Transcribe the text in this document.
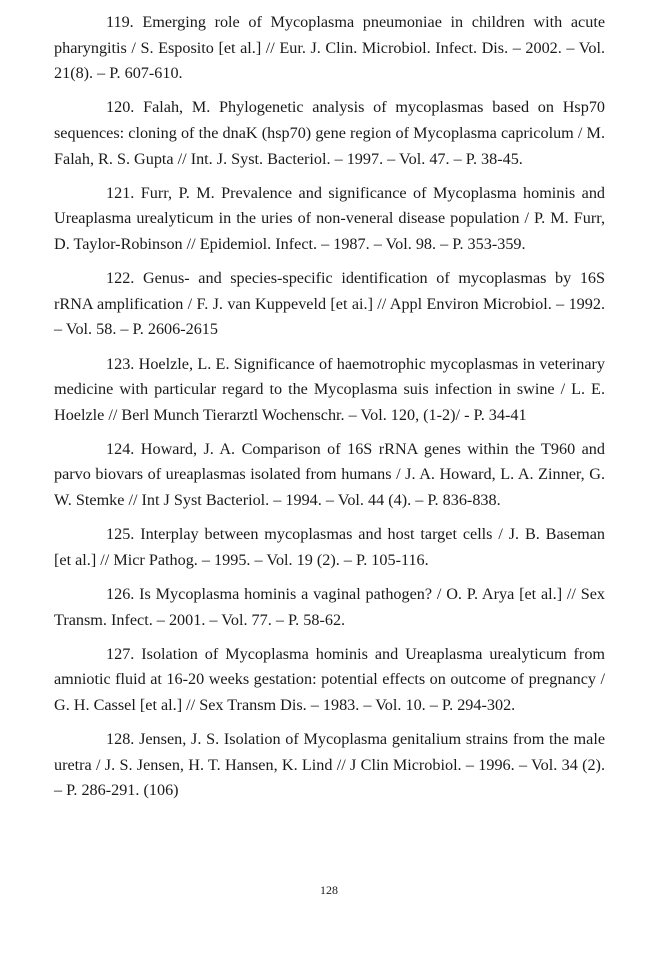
119. Emerging role of Mycoplasma pneumoniae in children with acute pharyngitis / S. Esposito [et al.] // Eur. J. Clin. Microbiol. Infect. Dis. – 2002. – Vol. 21(8). – P. 607-610.

120. Falah, M. Phylogenetic analysis of mycoplasmas based on Hsp70 sequences: cloning of the dnaK (hsp70) gene region of Mycoplasma capricolum / M. Falah, R. S. Gupta // Int. J. Syst. Bacteriol. – 1997. – Vol. 47. – P. 38-45.

121. Furr, P. M. Prevalence and significance of Mycoplasma hominis and Ureaplasma urealyticum in the uries of non-veneral disease population / P. M. Furr, D. Taylor-Robinson // Epidemiol. Infect. – 1987. – Vol. 98. – P. 353-359.

122. Genus- and species-specific identification of mycoplasmas by 16S rRNA amplification / F. J. van Kuppeveld [et ai.] // Appl Environ Microbiol. – 1992. – Vol. 58. – P. 2606-2615

123. Hoelzle, L. E. Significance of haemotrophic mycoplasmas in veterinary medicine with particular regard to the Mycoplasma suis infection in swine / L. E. Hoelzle // Berl Munch Tierarztl Wochenschr. – Vol. 120, (1-2)/ - P. 34-41

124. Howard, J. A. Comparison of 16S rRNA genes within the T960 and parvo biovars of ureaplasmas isolated from humans / J. A. Howard, L. A. Zinner, G. W. Stemke // Int J Syst Bacteriol. – 1994. – Vol. 44 (4). – P. 836-838.

125. Interplay between mycoplasmas and host target cells / J. B. Baseman [et al.] // Micr Pathog. – 1995. – Vol. 19 (2). – P. 105-116.

126. Is Mycoplasma hominis a vaginal pathogen? / O. P. Arya [et al.] // Sex Transm. Infect. – 2001. – Vol. 77. – P. 58-62.

127. Isolation of Mycoplasma hominis and Ureaplasma urealyticum from amniotic fluid at 16-20 weeks gestation: potential effects on outcome of pregnancy / G. H. Cassel [et al.] // Sex Transm Dis. – 1983. – Vol. 10. – P. 294-302.

128. Jensen, J. S. Isolation of Mycoplasma genitalium strains from the male uretra / J. S. Jensen, H. T. Hansen, K. Lind // J Clin Microbiol. – 1996. – Vol. 34 (2). – P. 286-291. (106)

128
